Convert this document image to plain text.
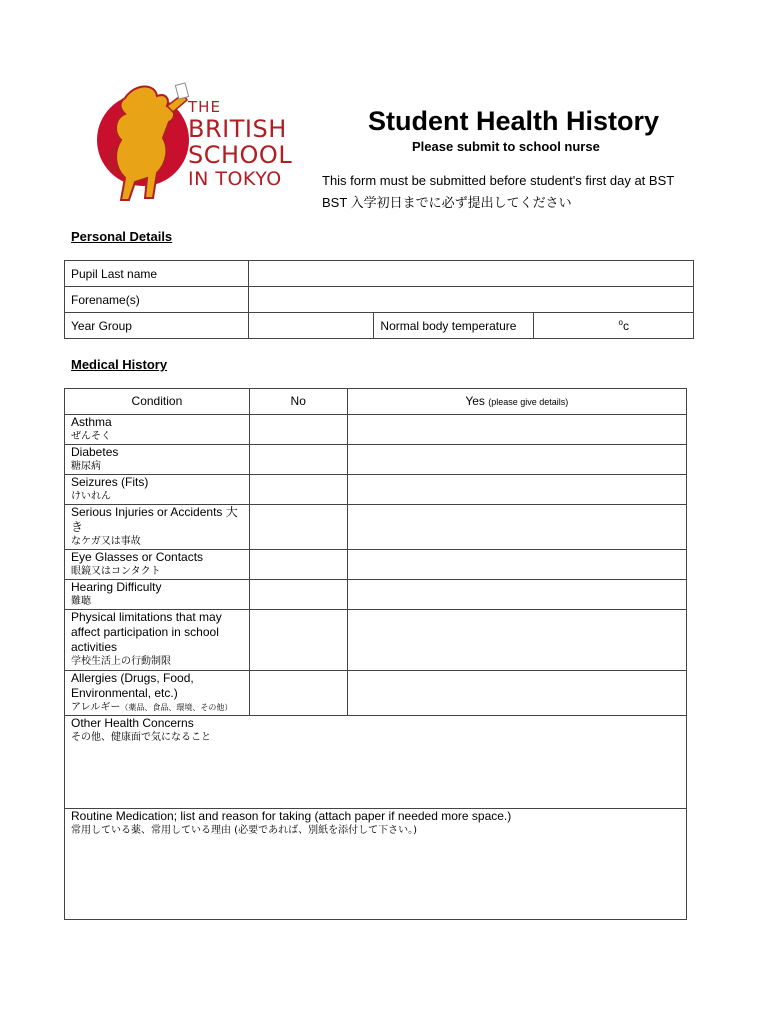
THE
BRITISH
SCHOOL
IN TOKYO
Student Health History
Please submit to school nurse
This form must be submitted before student's first day at BST
BST 入学初日までに必ず提出してください
Personal Details
Pupil Last name			
Forename(s)			
Year Group		Normal body temperature	$^o$c
Medical History
Condition	No	Yes (please give details)

Asthma
ぜんそく		

Diabetes
糖尿病		

Seizures (Fits)
けいれん		

Serious Injuries or Accidents 大き
なケガ又は事故		

Eye Glasses or Contacts
眼鏡又はコンタクト		

Hearing Difficulty
難聴		

Physical limitations that may affect participation in school activities
学校生活上の行動制限		

Allergies (Drugs, Food, Environmental, etc.)
アレルギー（薬品、食品、環境、その他）		

Other Health Concerns
その他、健康面で気になること		

Routine Medication; list and reason for taking (attach paper if needed more space.)
常用している薬、常用している理由 (必要であれば、別紙を添付して下さい。)		
